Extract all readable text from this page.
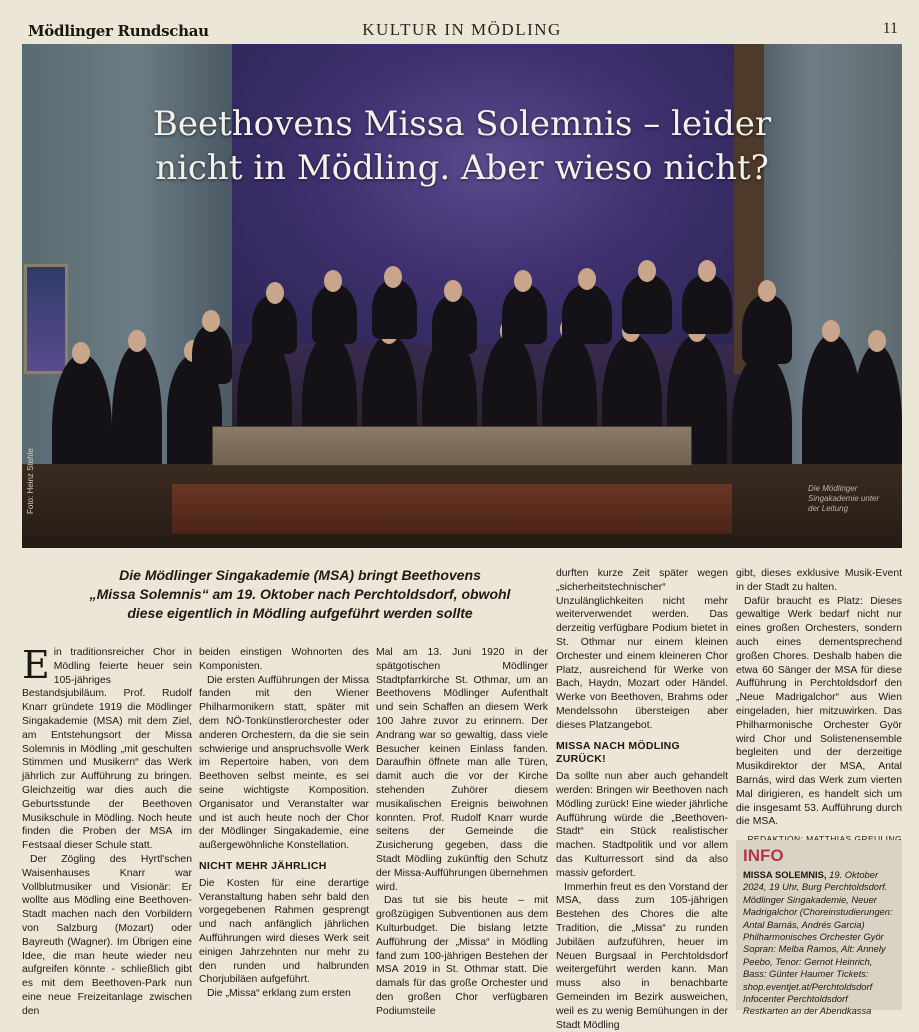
Mödlinger Rundschau	KULTUR IN MÖDLING	11
Beethovens Missa Solemnis – leider
nicht in Mödling. Aber wieso nicht?
Foto: Heinz Stehle	Die Mödlinger Singakademie unter der Leitung
Die Mödlinger Singakademie (MSA) bringt Beethovens
„Missa Solemnis“ am 19. Oktober nach Perchtoldsdorf, obwohl
diese eigentlich in Mödling aufgeführt werden sollte

Ein traditionsreicher Chor in Mödling feierte heuer sein 105-jähriges Bestandsjubiläum. Prof. Rudolf Knarr gründete 1919 die Mödlinger Singakademie (MSA) mit dem Ziel, am Entstehungsort der Missa Solemnis in Mödling „mit geschulten Stimmen und Musikern“ das Werk jährlich zur Aufführung zu bringen. Gleichzeitig war dies auch die Geburtsstunde der Beethoven Musikschule in Mödling. Noch heute finden die Proben der MSA im Festsaal dieser Schule statt.

Der Zögling des Hyrtl'schen Waisenhauses Knarr war Vollblutmusiker und Visionär: Er wollte aus Mödling eine Beethoven-Stadt machen nach den Vorbildern von Salzburg (Mozart) oder Bayreuth (Wagner). Im Übrigen eine Idee, die man heute wieder neu aufgreifen könnte - schließlich gibt es mit dem Beethoven-Park nun eine neue Freizeitanlage zwischen den

beiden einstigen Wohnorten des Komponisten.

Die ersten Aufführungen der Missa fanden mit den Wiener Philharmonikern statt, später mit dem NÖ-Tonkünstlerorchester oder anderen Orchestern, da die sie sein schwierige und anspruchsvolle Werk im Repertoire haben, von dem Beethoven selbst meinte, es sei seine wichtigste Komposition. Organisator und Veranstalter war und ist auch heute noch der Chor der Mödlinger Singakademie, eine außergewöhnliche Konstellation.

NICHT MEHR JÄHRLICH

Die Kosten für eine derartige Veranstaltung haben sehr bald den vorgegebenen Rahmen gesprengt und nach anfänglich jährlichen Aufführungen wird dieses Werk seit einigen Jahrzehnten nur mehr zu den runden und halbrunden Chorjubiläen aufgeführt.

Die „Missa“ erklang zum ersten

Mal am 13. Juni 1920 in der spätgotischen Mödlinger Stadtpfarrkirche St. Othmar, um an Beethovens Mödlinger Aufenthalt und sein Schaffen an diesem Werk 100 Jahre zuvor zu erinnern. Der Andrang war so gewaltig, dass viele Besucher keinen Einlass fanden. Daraufhin öffnete man alle Türen, damit auch die vor der Kirche stehenden Zuhörer diesem musikalischen Ereignis beiwohnen konnten. Prof. Rudolf Knarr wurde seitens der Gemeinde die Zusicherung gegeben, dass die Stadt Mödling zukünftig den Schutz der Missa-Aufführungen übernehmen wird.

Das tut sie bis heute – mit großzügigen Subventionen aus dem Kulturbudget. Die bislang letzte Aufführung der „Missa“ in Mödling fand zum 100-jährigen Bestehen der MSA 2019 in St. Othmar statt. Die damals für das große Orchester und den großen Chor verfügbaren Podiumsteile

durften kurze Zeit später wegen „sicherheitstechnischer“ Unzulänglichkeiten nicht mehr weiterverwendet werden. Das derzeitig verfügbare Podium bietet in St. Othmar nur einem kleinen Orchester und einem kleineren Chor Platz, ausreichend für Werke von Bach, Haydn, Mozart oder Händel. Werke von Beethoven, Brahms oder Mendelssohn übersteigen aber dieses Platzangebot.

MISSA NACH MÖDLING ZURÜCK!

Da sollte nun aber auch gehandelt werden: Bringen wir Beethoven nach Mödling zurück! Eine wieder jährliche Aufführung würde die „Beethoven-Stadt“ ein Stück realistischer machen. Stadtpolitik und vor allem das Kulturressort sind da also massiv gefordert.

Immerhin freut es den Vorstand der MSA, dass zum 105-jährigen Bestehen des Chores die alte Tradition, die „Missa“ zu runden Jubiläen aufzuführen, heuer im Neuen Burgsaal in Perchtoldsdorf weitergeführt werden kann. Man muss also in benachbarte Gemeinden im Bezirk ausweichen, weil es zu wenig Bemühungen in der Stadt Mödling

gibt, dieses exklusive Musik-Event in der Stadt zu halten.

Dafür braucht es Platz: Dieses gewaltige Werk bedarf nicht nur eines großen Orchesters, sondern auch eines dementsprechend großen Chores. Deshalb haben die etwa 60 Sänger der MSA für diese Aufführung in Perchtoldsdorf den „Neue Madrigalchor“ aus Wien eingeladen, hier mitzuwirken. Das Philharmonische Orchester Györ wird Chor und Solistenensemble begleiten und der derzeitige Musikdirektor der MSA, Antal Barnás, wird das Werk zum vierten Mal dirigieren, es handelt sich um die insgesamt 53. Aufführung durch die MSA.

INFO
MISSA SOLEMNIS, 19. Oktober 2024, 19 Uhr, Burg Perchtoldsdorf. Mödlinger Singakademie, Neuer Madrigalchor (Choreinstudierungen: Antal Barnás, Andrés Garcia) Philharmonisches Orchester Györ Sopran: Melba Ramos, Alt: Annely Peebo, Tenor: Gernot Heinrich, Bass: Günter Haumer Tickets: shop.eventjet.at/Perchtoldsdorf Infocenter Perchtoldsdorf Restkarten an der Abendkassa
